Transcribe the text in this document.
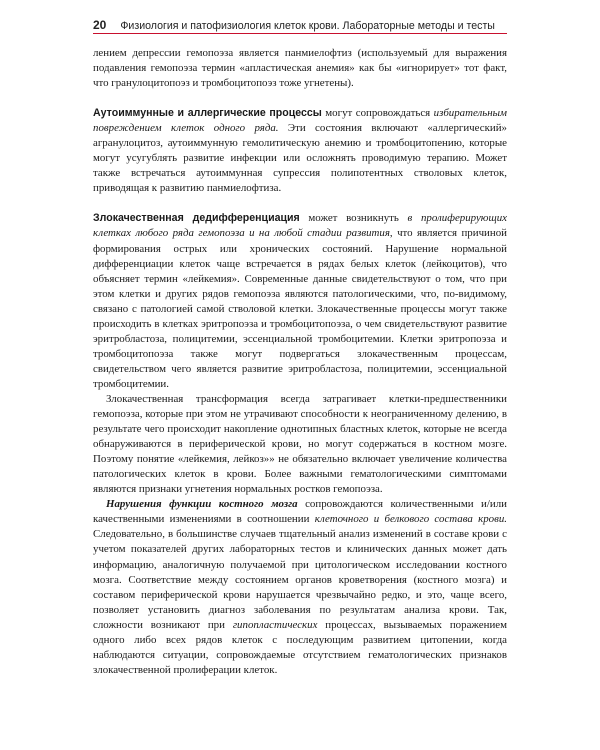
20 Физиология и патофизиология клеток крови. Лабораторные методы и тесты

лением депрессии гемопоэза является панмиелофтиз (используемый для выражения подавления гемопоэза термин «апластическая анемия» как бы «игнорирует» тот факт, что гранулоцитопоэз и тромбоцитопоэз тоже угнетены).

Аутоиммунные и аллергические процессы могут сопровождаться избирательным повреждением клеток одного ряда. Эти состояния включают «аллергический» агранулоцитоз, аутоиммунную гемолитическую анемию и тромбоцитопению, которые могут усугублять развитие инфекции или осложнять проводимую терапию. Может также встречаться аутоиммунная супрессия полипотентных стволовых клеток, приводящая к развитию панмиелофтиза.

Злокачественная дедифференциация может возникнуть в пролиферирующих клетках любого ряда гемопоэза и на любой стадии развития, что является причиной формирования острых или хронических состояний. Нарушение нормальной дифференциации клеток чаще встречается в рядах белых клеток (лейкоцитов), что объясняет термин «лейкемия». Современные данные свидетельствуют о том, что при этом клетки и других рядов гемопоэза являются патологическими, что, по-видимому, связано с патологией самой стволовой клетки. Злокачественные процессы могут также происходить в клетках эритропоэза и тромбоцитопоэза, о чем свидетельствуют развитие эритробластоза, полицитемии, эссенциальной тромбоцитемии. Клетки эритропоэза и тромбоцитопоэза также могут подвергаться злокачественным процессам, свидетельством чего является развитие эритробластоза, полицитемии, эссенциальной тромбоцитемии.

Злокачественная трансформация всегда затрагивает клетки-предшественники гемопоэза, которые при этом не утрачивают способности к неограниченному делению, в результате чего происходит накопление однотипных бластных клеток, которые не всегда обнаруживаются в периферической крови, но могут содержаться в костном мозге. Поэтому понятие «лейкемия, лейкоз»» не обязательно включает увеличение количества патологических клеток в крови. Более важными гематологическими симптомами являются признаки угнетения нормальных ростков гемопоэза.

Нарушения функции костного мозга сопровождаются количественными и/или качественными изменениями в соотношении клеточного и белкового состава крови. Следовательно, в большинстве случаев тщательный анализ изменений в составе крови с учетом показателей других лабораторных тестов и клинических данных может дать информацию, аналогичную получаемой при цитологическом исследовании костного мозга. Соответствие между состоянием органов кроветворения (костного мозга) и составом периферической крови нарушается чрезвычайно редко, и это, чаще всего, позволяет установить диагноз заболевания по результатам анализа крови. Так, сложности возникают при гипопластических процессах, вызываемых поражением одного либо всех рядов клеток с последующим развитием цитопении, когда наблюдаются ситуации, сопровождаемые отсутствием гематологических признаков злокачественной пролиферации клеток.
